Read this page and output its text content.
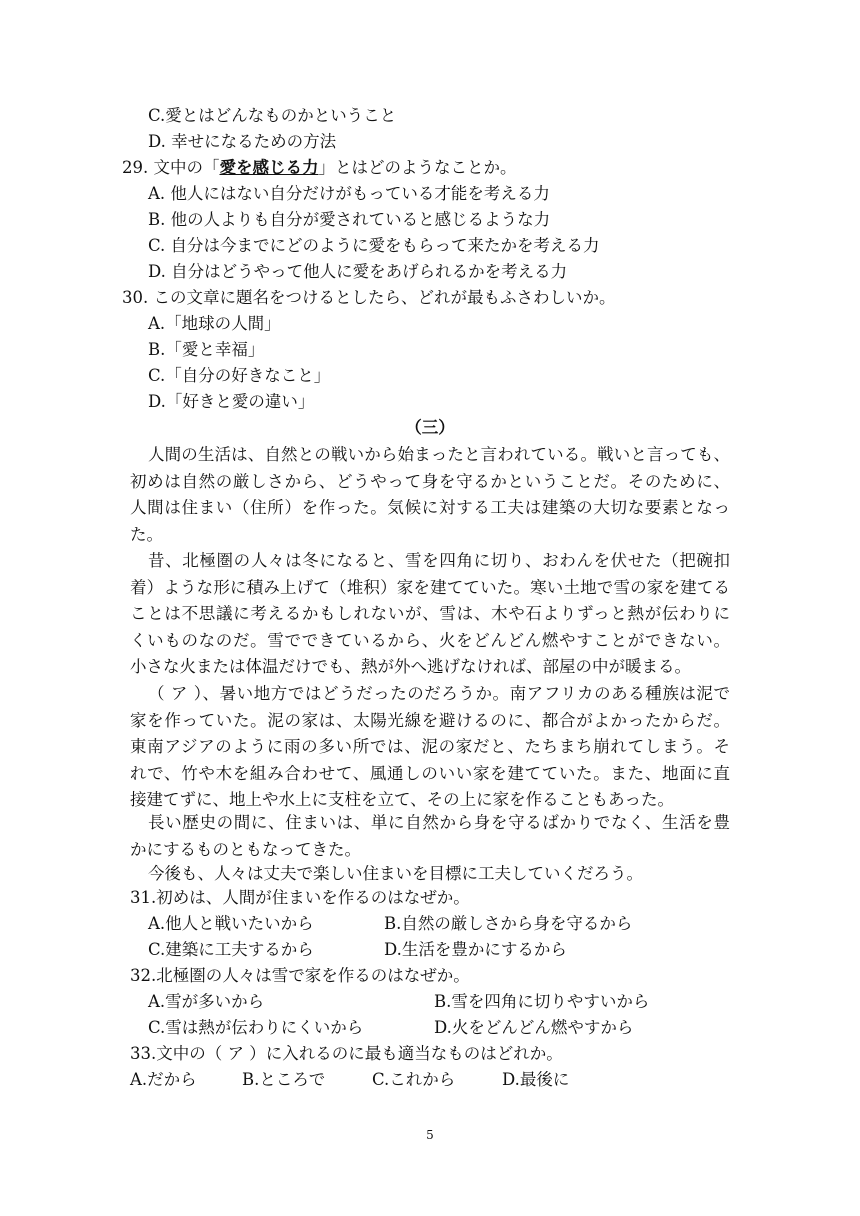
C.愛とはどんなものかということ
D. 幸せになるための方法
29. 文中の「愛を感じる力」とはどのようなことか。
A. 他人にはない自分だけがもっている才能を考える力
B. 他の人よりも自分が愛されていると感じるような力
C. 自分は今までにどのように愛をもらって来たかを考える力
D. 自分はどうやって他人に愛をあげられるかを考える力
30. この文章に題名をつけるとしたら、どれが最もふさわしいか。
A.「地球の人間」
B.「愛と幸福」
C.「自分の好きなこと」
D.「好きと愛の違い」
（三）
人間の生活は、自然との戦いから始まったと言われている。戦いと言っても、
初めは自然の厳しさから、どうやって身を守るかということだ。そのために、
人間は住まい（住所）を作った。気候に対する工夫は建築の大切な要素となっ
た。
昔、北極圏の人々は冬になると、雪を四角に切り、おわんを伏せた（把碗扣
着）ような形に積み上げて（堆积）家を建てていた。寒い土地で雪の家を建てる
ことは不思議に考えるかもしれないが、雪は、木や石よりずっと熱が伝わりに
くいものなのだ。雪でできているから、火をどんどん燃やすことができない。
小さな火または体温だけでも、熱が外へ逃げなければ、部屋の中が暖まる。
（ ア ）、暑い地方ではどうだったのだろうか。南アフリカのある種族は泥で
家を作っていた。泥の家は、太陽光線を避けるのに、都合がよかったからだ。
東南アジアのように雨の多い所では、泥の家だと、たちまち崩れてしまう。そ
れで、竹や木を組み合わせて、風通しのいい家を建てていた。また、地面に直
接建てずに、地上や水上に支柱を立て、その上に家を作ることもあった。
長い歴史の間に、住まいは、単に自然から身を守るばかりでなく、生活を豊
かにするものともなってきた。
今後も、人々は丈夫で楽しい住まいを目標に工夫していくだろう。
31.初めは、人間が住まいを作るのはなぜか。
A.他人と戦いたいから	B.自然の厳しさから身を守るから
C.建築に工夫するから	D.生活を豊かにするから
32.北極圏の人々は雪で家を作るのはなぜか。
A.雪が多いから	B.雪を四角に切りやすいから
C.雪は熱が伝わりにくいから	D.火をどんどん燃やすから
33.文中の（ ア ）に入れるのに最も適当なものはどれか。
A.だから	B.ところで	C.これから	D.最後に
5
